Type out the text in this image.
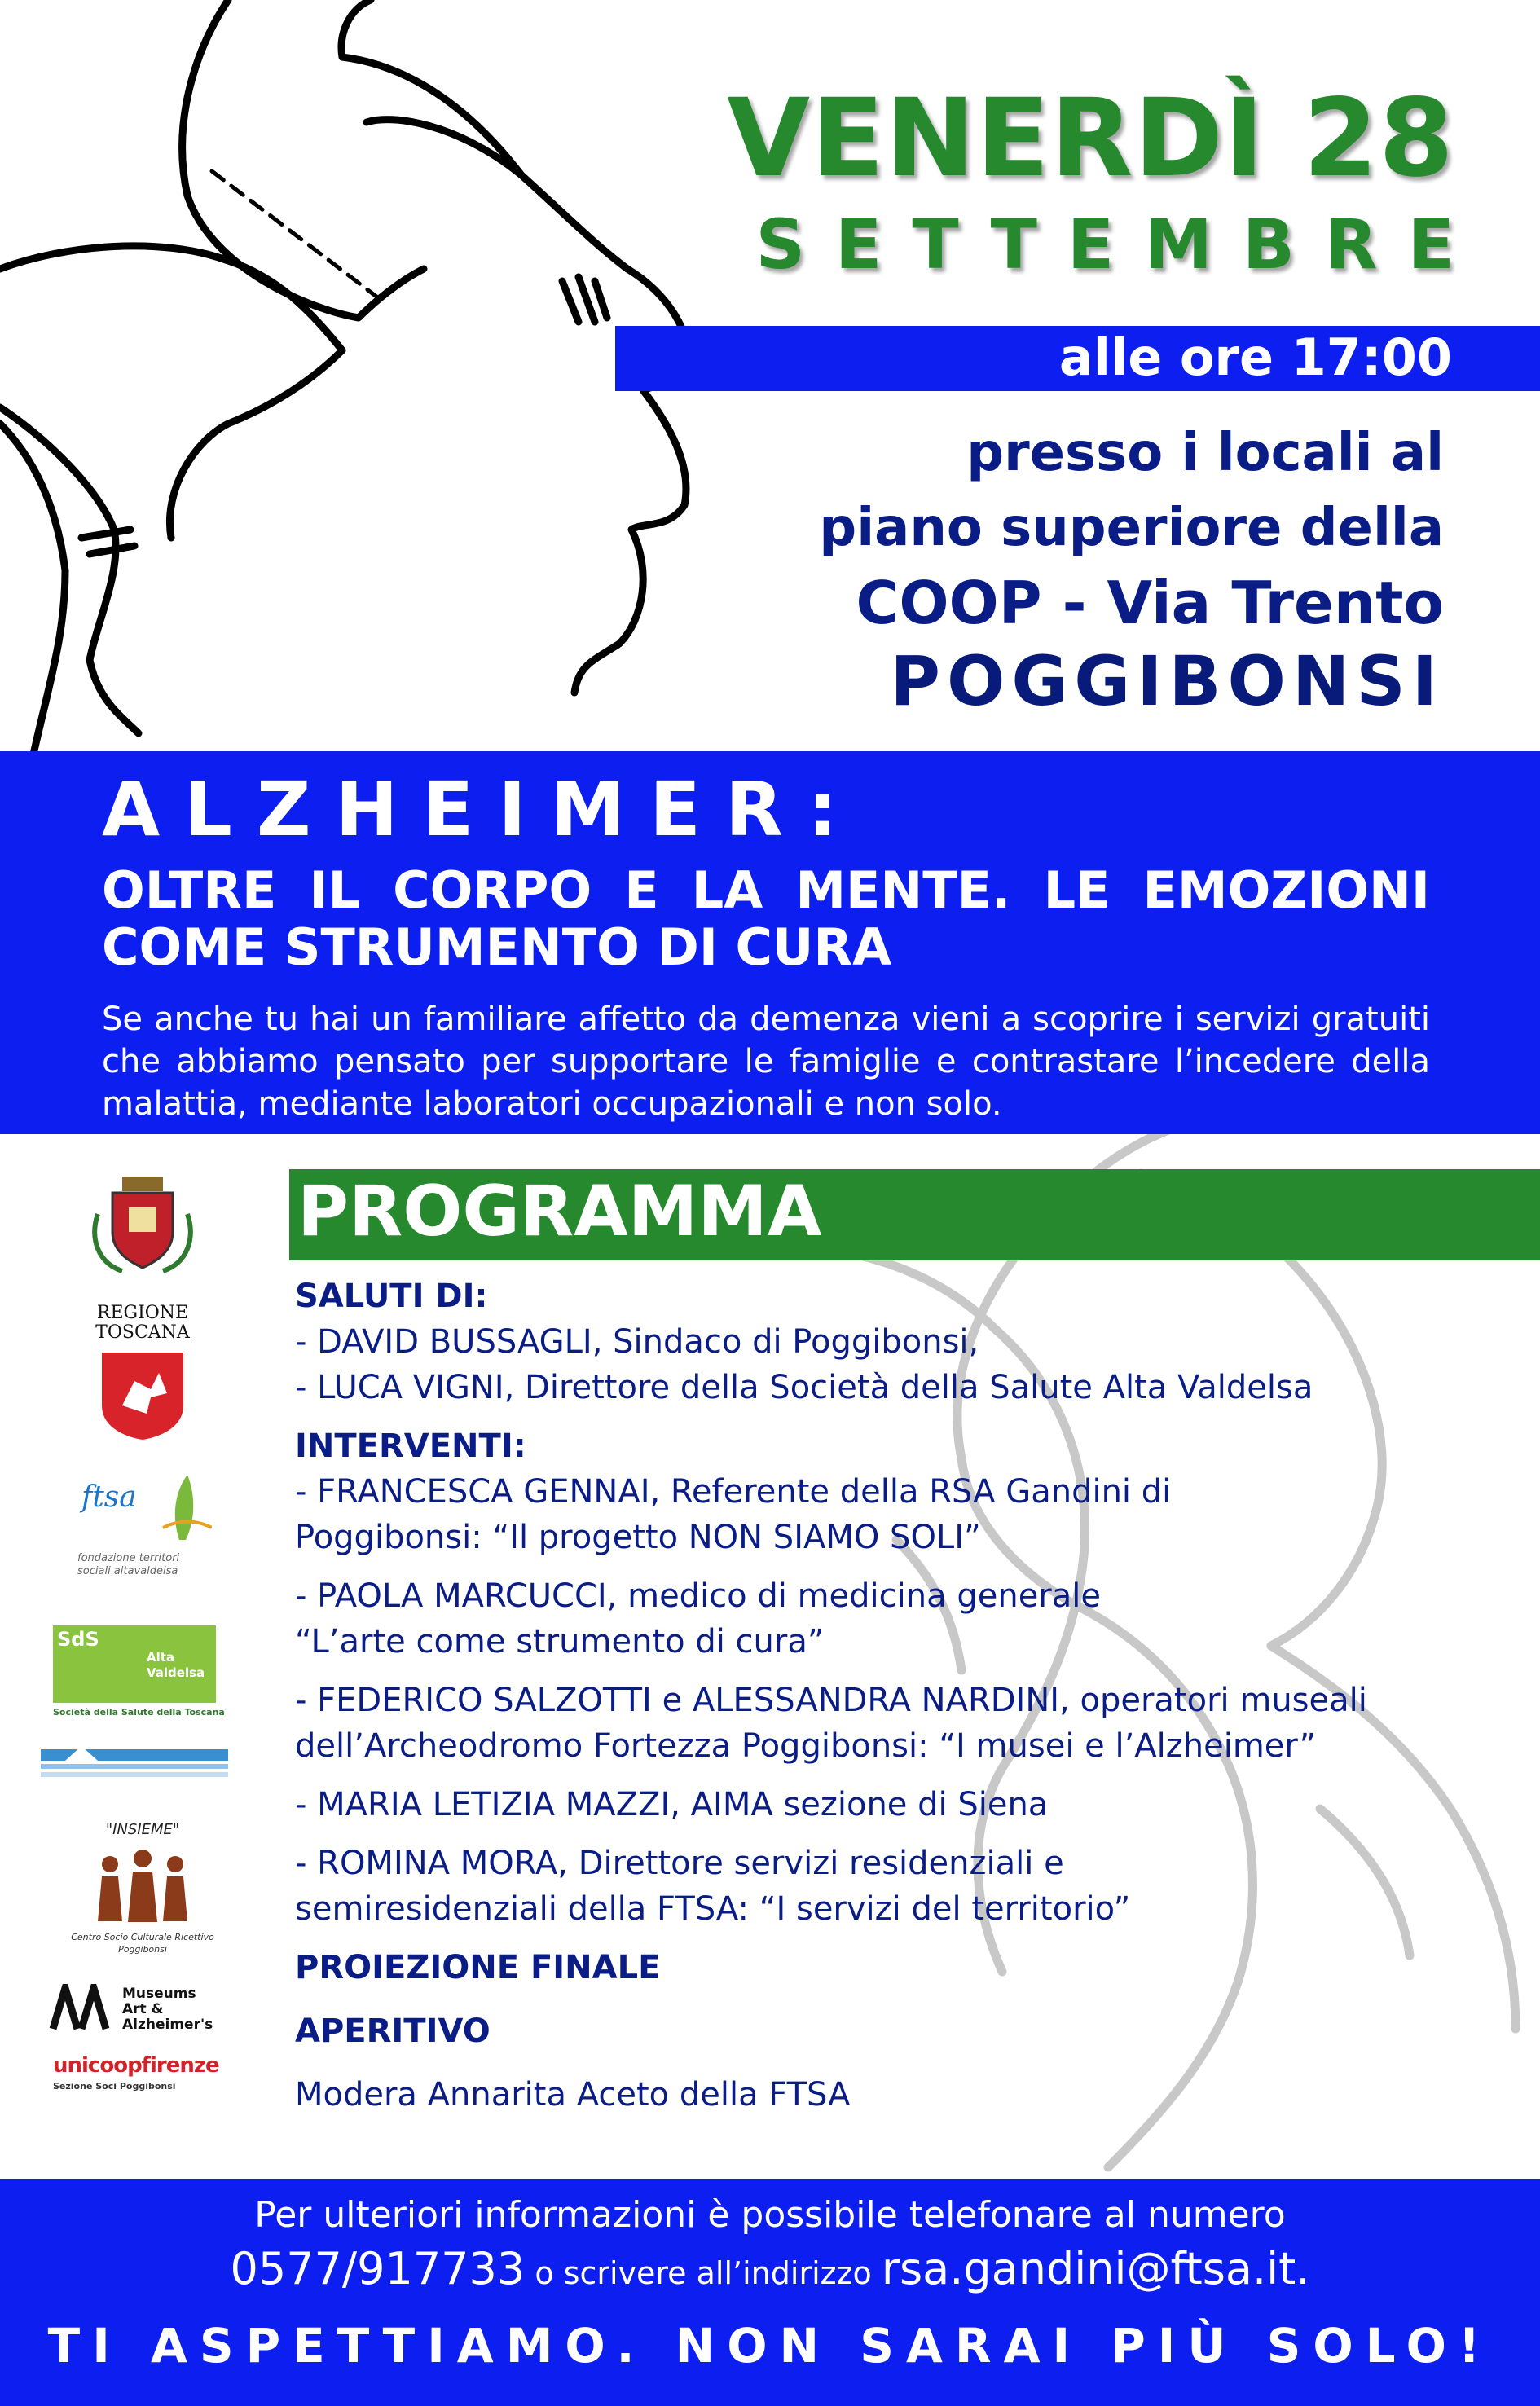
VENERDÌ 28
SETTEMBRE
alle ore 17:00
presso i locali al
piano superiore della
COOP - Via Trento
POGGIBONSI
ALZHEIMER:
OLTRE IL CORPO E LA MENTE. LE EMOZIONI COME STRUMENTO DI CURA
Se anche tu hai un familiare affetto da demenza vieni a scoprire i servizi gratuiti che abbiamo pensato per supportare le famiglie e contrastare l’incedere della malattia, mediante laboratori occupazionali e non solo.
PROGRAMMA
SALUTI DI:
- DAVID BUSSAGLI, Sindaco di Poggibonsi,
- LUCA VIGNI, Direttore della Società della Salute Alta Valdelsa
INTERVENTI:
- FRANCESCA GENNAI, Referente della RSA Gandini di Poggibonsi: “Il progetto NON SIAMO SOLI”
- PAOLA MARCUCCI, medico di medicina generale “L’arte come strumento di cura”
- FEDERICO SALZOTTI e ALESSANDRA NARDINI, operatori museali dell’Archeodromo Fortezza Poggibonsi: “I musei e l’Alzheimer”
- MARIA LETIZIA MAZZI, AIMA sezione di Siena
- ROMINA MORA, Direttore servizi residenziali e semiresidenziali della FTSA: “I servizi del territorio”
PROIEZIONE FINALE
APERITIVO
Modera Annarita Aceto della FTSA
REGIONE
TOSCANA
ftsa
fondazione territori
sociali altavaldelsa
SdS
Alta
Valdelsa
Società della Salute della Toscana
"INSIEME"
Centro Socio Culturale Ricettivo
Poggibonsi
Museums
Art &
Alzheimer's
unicoopfirenze
Sezione Soci Poggibonsi
Per ulteriori informazioni è possibile telefonare al numero
0577/917733 o scrivere all’indirizzo rsa.gandini@ftsa.it.
TI ASPETTIAMO. NON SARAI PIÙ SOLO!
